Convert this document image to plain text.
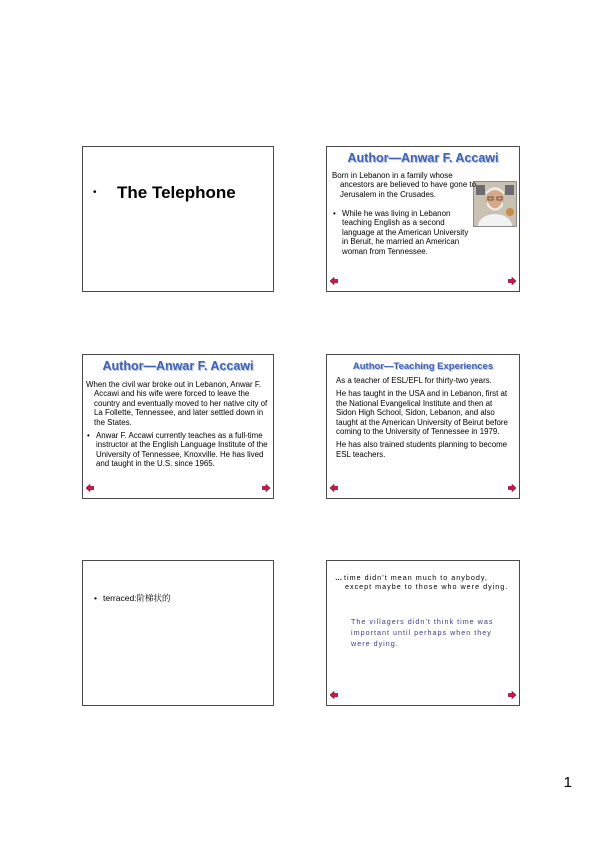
• The Telephone
Author—Anwar F. Accawi

Born in Lebanon in a family whose ancestors are believed to have gone to Jerusalem in the Crusades.

• While he was living in Lebanon teaching English as a second language at the American University in Beruit, he married an American woman from Tennessee.
Author—Anwar F. Accawi

When the civil war broke out in Lebanon, Anwar F. Accawi and his wife were forced to leave the country and eventually moved to her native city of La Follette, Tennessee, and later settled down in the States.

• Anwar F. Accawi currently teaches as a full-time instructor at the English Language Institute of the University of Tennessee, Knoxville. He has lived and taught in the U.S. since 1965.
Author—Teaching Experiences

As a teacher of ESL/EFL for thirty-two years.

He has taught in the USA and in Lebanon, first at the National Evangelical Institute and then at Sidon High School, Sidon, Lebanon, and also taught at the American University of Beirut before coming to the University of Tennessee in 1979.

He has also trained students planning to become ESL teachers.

• terraced:阶梯状的
… time didn’t mean much to anybody, except maybe to those who were dying.
The villagers didn’t think time was important until perhaps when they were dying.
1
